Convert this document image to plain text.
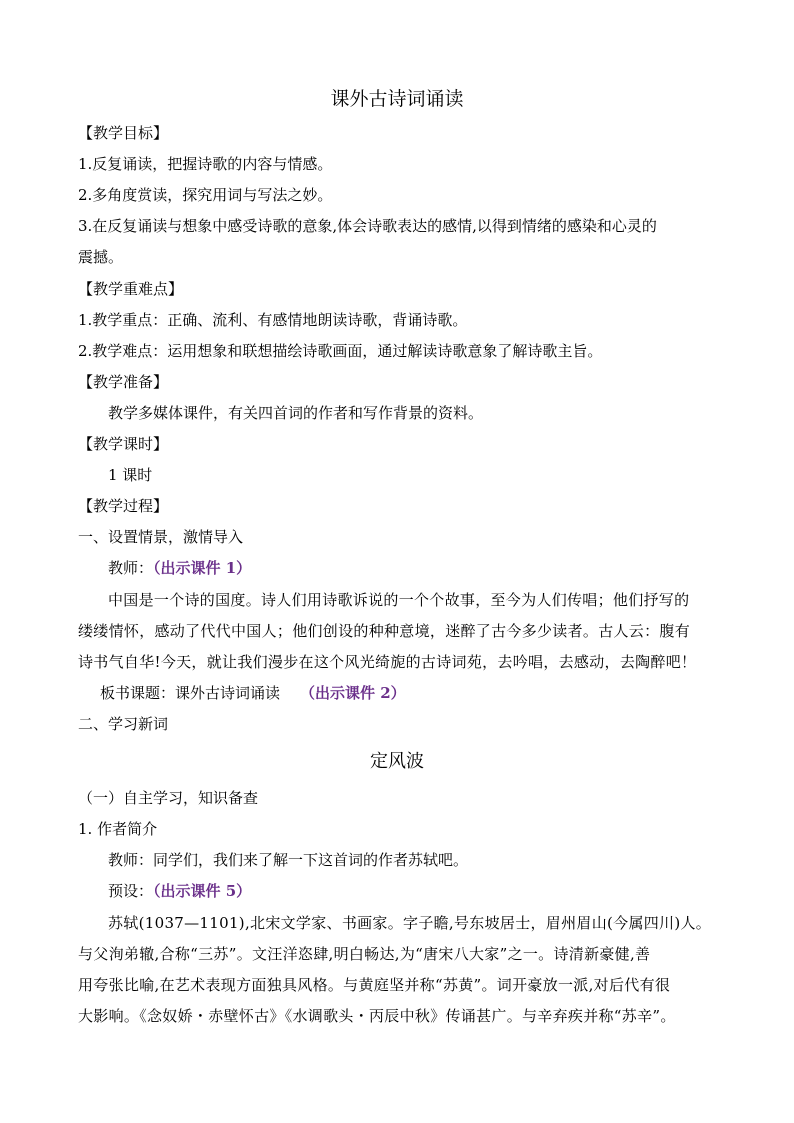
课外古诗词诵读
【教学目标】
1.反复诵读，把握诗歌的内容与情感。
2.多角度赏读，探究用词与写法之妙。
3.在反复诵读与想象中感受诗歌的意象,体会诗歌表达的感情,以得到情绪的感染和心灵的
震撼。
【教学重难点】
1.教学重点：正确、流利、有感情地朗读诗歌，背诵诗歌。
2.教学难点：运用想象和联想描绘诗歌画面，通过解读诗歌意象了解诗歌主旨。
【教学准备】
教学多媒体课件，有关四首词的作者和写作背景的资料。
【教学课时】
1 课时
【教学过程】
一、设置情景，激情导入
教师：（出示课件 1）
中国是一个诗的国度。诗人们用诗歌诉说的一个个故事，至今为人们传唱；他们抒写的
缕缕情怀，感动了代代中国人；他们创设的种种意境，迷醉了古今多少读者。古人云：腹有
诗书气自华!今天，就让我们漫步在这个风光绮旎的古诗词苑，去吟唱，去感动，去陶醉吧！
板书课题：课外古诗词诵读 （出示课件 2）
二、学习新词
定风波
（一）自主学习，知识备查
1. 作者简介
教师：同学们，我们来了解一下这首词的作者苏轼吧。
预设：（出示课件 5）
苏轼(1037—1101),北宋文学家、书画家。字子瞻,号东坡居士，眉州眉山(今属四川)人。
与父洵弟辙,合称“三苏”。文汪洋恣肆,明白畅达,为“唐宋八大家”之一。诗清新豪健,善
用夸张比喻,在艺术表现方面独具风格。与黄庭坚并称“苏黄”。词开豪放一派,对后代有很
大影响。《念奴娇・赤壁怀古》《水调歌头・丙辰中秋》传诵甚广。与辛弃疾并称“苏辛”。
